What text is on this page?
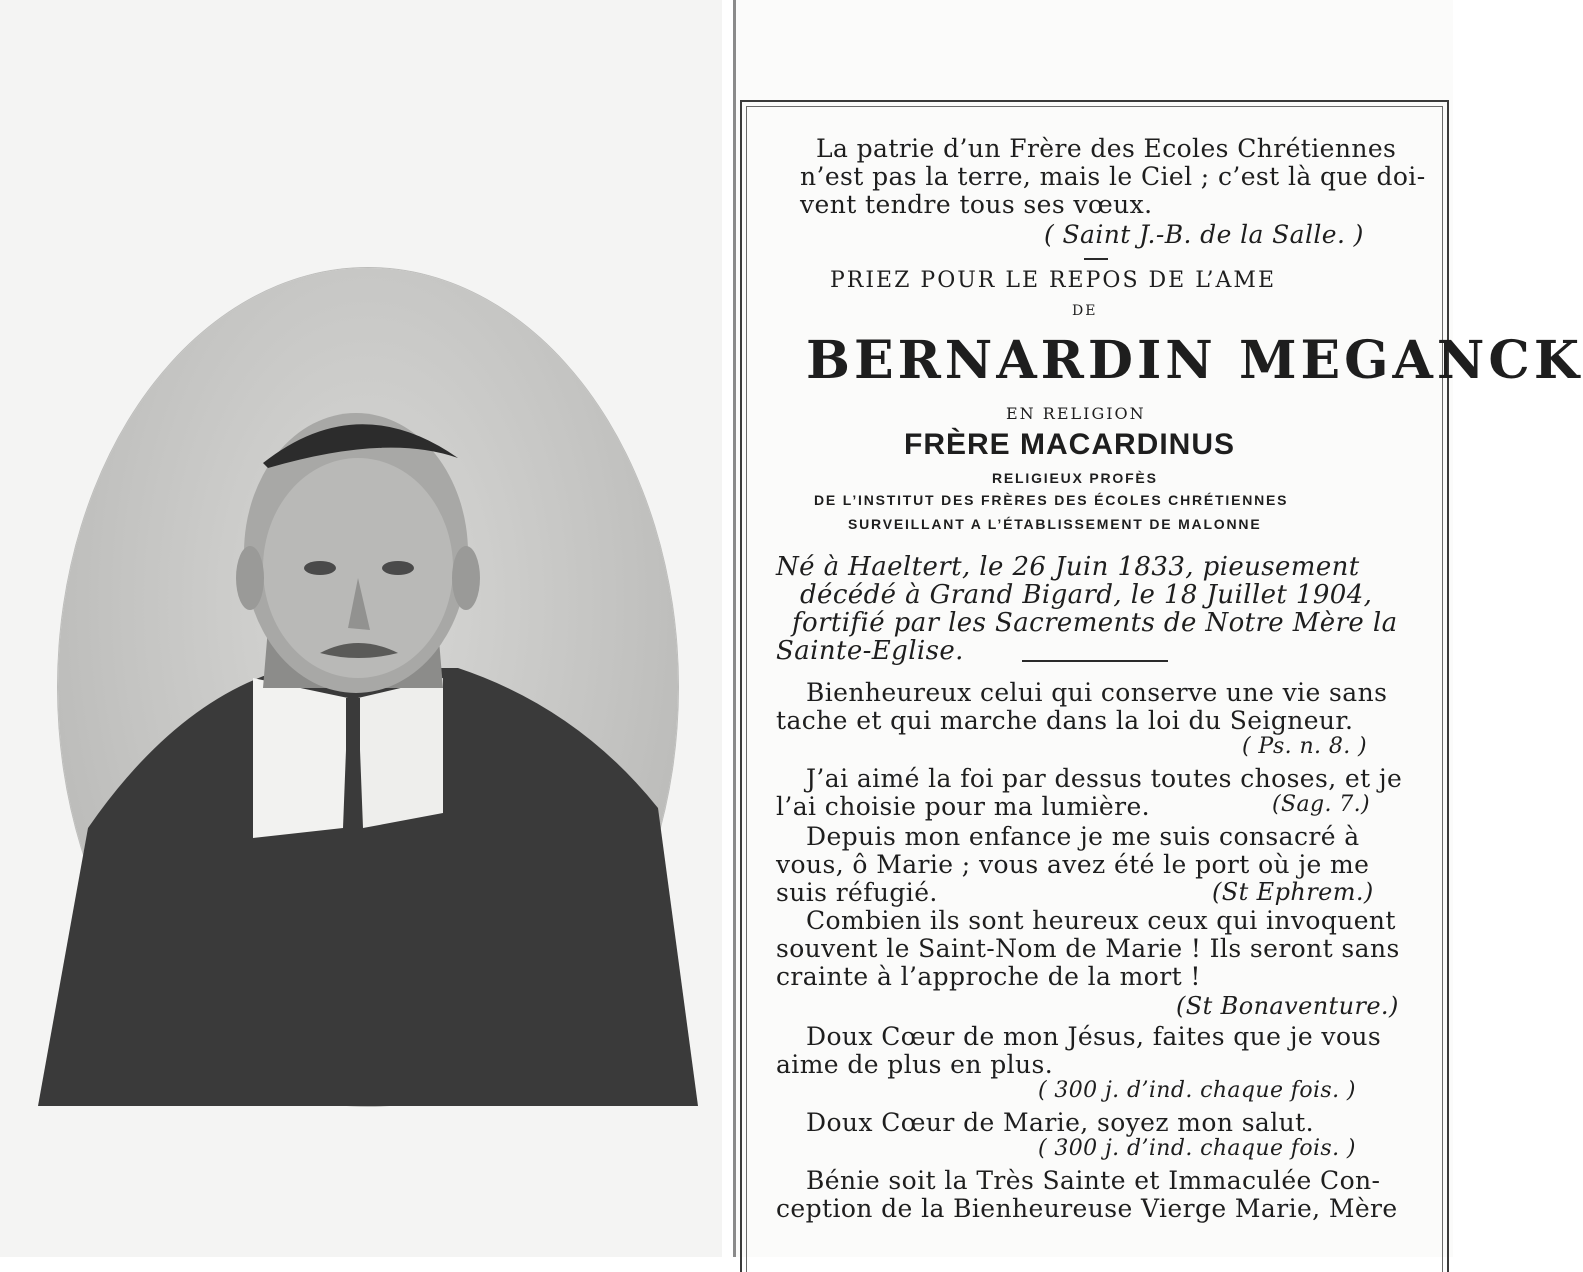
La patrie d’un Frère des Ecoles Chrétiennes
n’est pas la terre, mais le Ciel ; c’est là que doi-
vent tendre tous ses vœux.
( Saint J.-B. de la Salle. )
PRIEZ POUR LE REPOS DE L’AME
DE
BERNARDIN MEGANCK
EN RELIGION
FRÈRE MACARDINUS
RELIGIEUX PROFÈS
DE L’INSTITUT DES FRÈRES DES ÉCOLES CHRÉTIENNES
SURVEILLANT A L’ÉTABLISSEMENT DE MALONNE
Né à Haeltert, le 26 Juin 1833, pieusement
décédé à Grand Bigard, le 18 Juillet 1904,
fortifié par les Sacrements de Notre Mère la
Sainte-Eglise.
Bienheureux celui qui conserve une vie sans
tache et qui marche dans la loi du Seigneur.
( Ps. n. 8. )
J’ai aimé la foi par dessus toutes choses, et je
l’ai choisie pour ma lumière.	(Sag. 7.)
Depuis mon enfance je me suis consacré à
vous, ô Marie ; vous avez été le port où je me
suis réfugié.	(St Ephrem.)
Combien ils sont heureux ceux qui invoquent
souvent le Saint-Nom de Marie ! Ils seront sans
crainte à l’approche de la mort !
(St Bonaventure.)
Doux Cœur de mon Jésus, faites que je vous
aime de plus en plus.
( 300 j. d’ind. chaque fois. )
Doux Cœur de Marie, soyez mon salut.
( 300 j. d’ind. chaque fois. )
Bénie soit la Très Sainte et Immaculée Con-
ception de la Bienheureuse Vierge Marie, Mère
